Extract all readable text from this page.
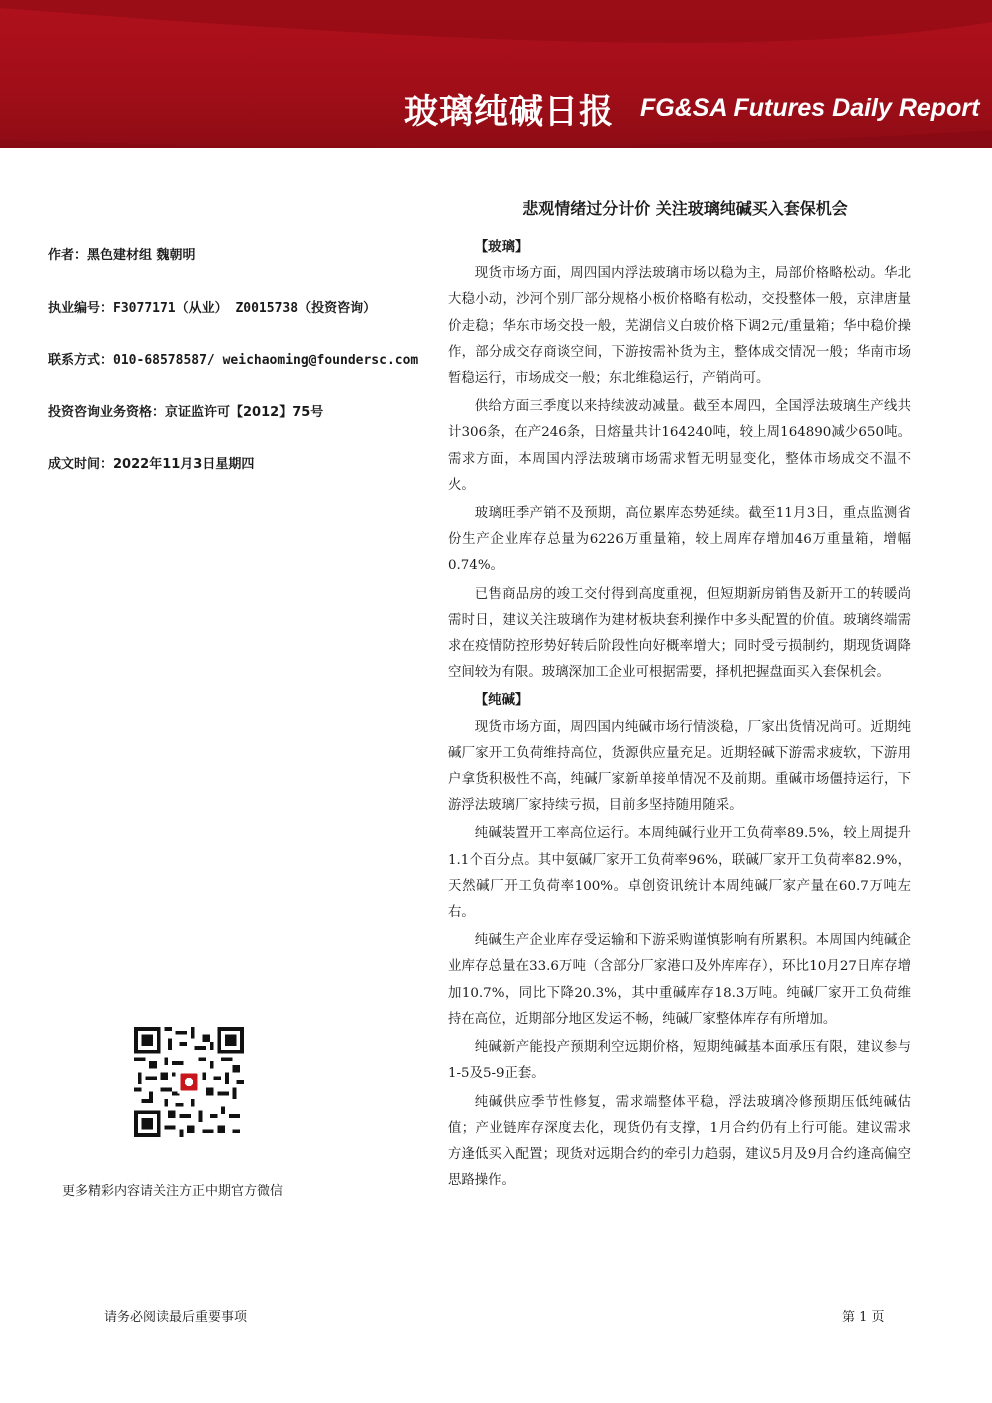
玻璃纯碱日报 FG&SA Futures Daily Report
悲观情绪过分计价 关注玻璃纯碱买入套保机会
作者：黑色建材组 魏朝明
执业编号：F3077171（从业） Z0015738（投资咨询）
联系方式：010-68578587/ weichaoming@foundersc.com
投资咨询业务资格：京证监许可【2012】75号
成文时间：2022年11月3日星期四
【玻璃】

现货市场方面，周四国内浮法玻璃市场以稳为主，局部价格略松动。华北大稳小动，沙河个别厂部分规格小板价格略有松动，交投整体一般，京津唐量价走稳；华东市场交投一般，芜湖信义白玻价格下调2元/重量箱；华中稳价操作，部分成交存商谈空间，下游按需补货为主，整体成交情况一般；华南市场暂稳运行，市场成交一般；东北维稳运行，产销尚可。

供给方面三季度以来持续波动减量。截至本周四，全国浮法玻璃生产线共计306条，在产246条，日熔量共计164240吨，较上周164890减少650吨。需求方面，本周国内浮法玻璃市场需求暂无明显变化，整体市场成交不温不火。

玻璃旺季产销不及预期，高位累库态势延续。截至11月3日，重点监测省份生产企业库存总量为6226万重量箱，较上周库存增加46万重量箱，增幅0.74%。

已售商品房的竣工交付得到高度重视，但短期新房销售及新开工的转暖尚需时日，建议关注玻璃作为建材板块套利操作中多头配置的价值。玻璃终端需求在疫情防控形势好转后阶段性向好概率增大；同时受亏损制约，期现货调降空间较为有限。玻璃深加工企业可根据需要，择机把握盘面买入套保机会。

【纯碱】

现货市场方面，周四国内纯碱市场行情淡稳，厂家出货情况尚可。近期纯碱厂家开工负荷维持高位，货源供应量充足。近期轻碱下游需求疲软，下游用户拿货积极性不高，纯碱厂家新单接单情况不及前期。重碱市场僵持运行，下游浮法玻璃厂家持续亏损，目前多坚持随用随采。

纯碱装置开工率高位运行。本周纯碱行业开工负荷率89.5%，较上周提升1.1个百分点。其中氨碱厂家开工负荷率96%，联碱厂家开工负荷率82.9%，天然碱厂开工负荷率100%。卓创资讯统计本周纯碱厂家产量在60.7万吨左右。

纯碱生产企业库存受运输和下游采购谨慎影响有所累积。本周国内纯碱企业库存总量在33.6万吨（含部分厂家港口及外库库存），环比10月27日库存增加10.7%，同比下降20.3%，其中重碱库存18.3万吨。纯碱厂家开工负荷维持在高位，近期部分地区发运不畅，纯碱厂家整体库存有所增加。

纯碱新产能投产预期利空远期价格，短期纯碱基本面承压有限，建议参与1-5及5-9正套。

纯碱供应季节性修复，需求端整体平稳，浮法玻璃冷修预期压低纯碱估值；产业链库存深度去化，现货仍有支撑，1月合约仍有上行可能。建议需求方逢低买入配置；现货对远期合约的牵引力趋弱，建议5月及9月合约逢高偏空思路操作。

更多精彩内容请关注方正中期官方微信
请务必阅读最后重要事项	第 1 页
